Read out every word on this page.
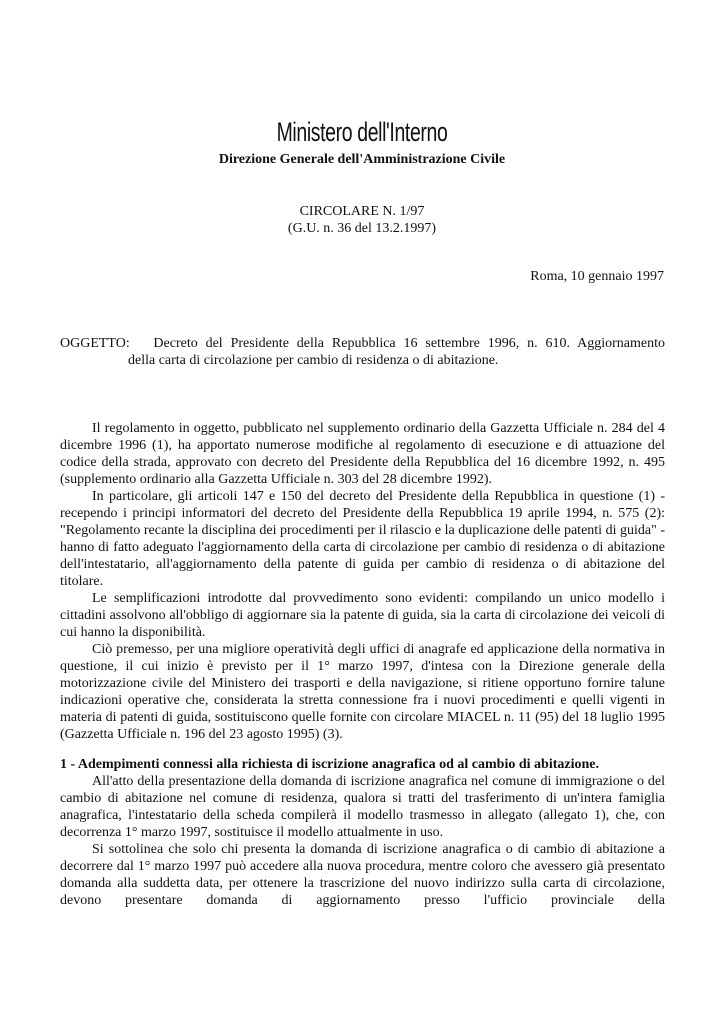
Ministero dell'Interno
Direzione Generale dell'Amministrazione Civile
CIRCOLARE N. 1/97
(G.U. n. 36 del 13.2.1997)
Roma, 10 gennaio 1997
OGGETTO: Decreto del Presidente della Repubblica 16 settembre 1996, n. 610. Aggiornamento
della carta di circolazione per cambio di residenza o di abitazione.

Il regolamento in oggetto, pubblicato nel supplemento ordinario della Gazzetta Ufficiale n. 284 del 4 dicembre 1996 (1), ha apportato numerose modifiche al regolamento di esecuzione e di attuazione del codice della strada, approvato con decreto del Presidente della Repubblica del 16 dicembre 1992, n. 495 (supplemento ordinario alla Gazzetta Ufficiale n. 303 del 28 dicembre 1992).

In particolare, gli articoli 147 e 150 del decreto del Presidente della Repubblica in questione (1) - recependo i principi informatori del decreto del Presidente della Repubblica 19 aprile 1994, n. 575 (2): "Regolamento recante la disciplina dei procedimenti per il rilascio e la duplicazione delle patenti di guida" - hanno di fatto adeguato l'aggiornamento della carta di circolazione per cambio di residenza o di abitazione dell'intestatario, all'aggiornamento della patente di guida per cambio di residenza o di abitazione del titolare.

Le semplificazioni introdotte dal provvedimento sono evidenti: compilando un unico modello i cittadini assolvono all'obbligo di aggiornare sia la patente di guida, sia la carta di circolazione dei veicoli di cui hanno la disponibilità.

Ciò premesso, per una migliore operatività degli uffici di anagrafe ed applicazione della normativa in questione, il cui inizio è previsto per il 1° marzo 1997, d'intesa con la Direzione generale della motorizzazione civile del Ministero dei trasporti e della navigazione, si ritiene opportuno fornire talune indicazioni operative che, considerata la stretta connessione fra i nuovi procedimenti e quelli vigenti in materia di patenti di guida, sostituiscono quelle fornite con circolare MIACEL n. 11 (95) del 18 luglio 1995 (Gazzetta Ufficiale n. 196 del 23 agosto 1995) (3).

1 - Adempimenti connessi alla richiesta di iscrizione anagrafica od al cambio di abitazione.

All'atto della presentazione della domanda di iscrizione anagrafica nel comune di immigrazione o del cambio di abitazione nel comune di residenza, qualora si tratti del trasferimento di un'intera famiglia anagrafica, l'intestatario della scheda compilerà il modello trasmesso in allegato (allegato 1), che, con decorrenza 1° marzo 1997, sostituisce il modello attualmente in uso.

Si sottolinea che solo chi presenta la domanda di iscrizione anagrafica o di cambio di abitazione a decorrere dal 1° marzo 1997 può accedere alla nuova procedura, mentre coloro che avessero già presentato domanda alla suddetta data, per ottenere la trascrizione del nuovo indirizzo sulla carta di circolazione, devono presentare domanda di aggiornamento presso l'ufficio provinciale della
